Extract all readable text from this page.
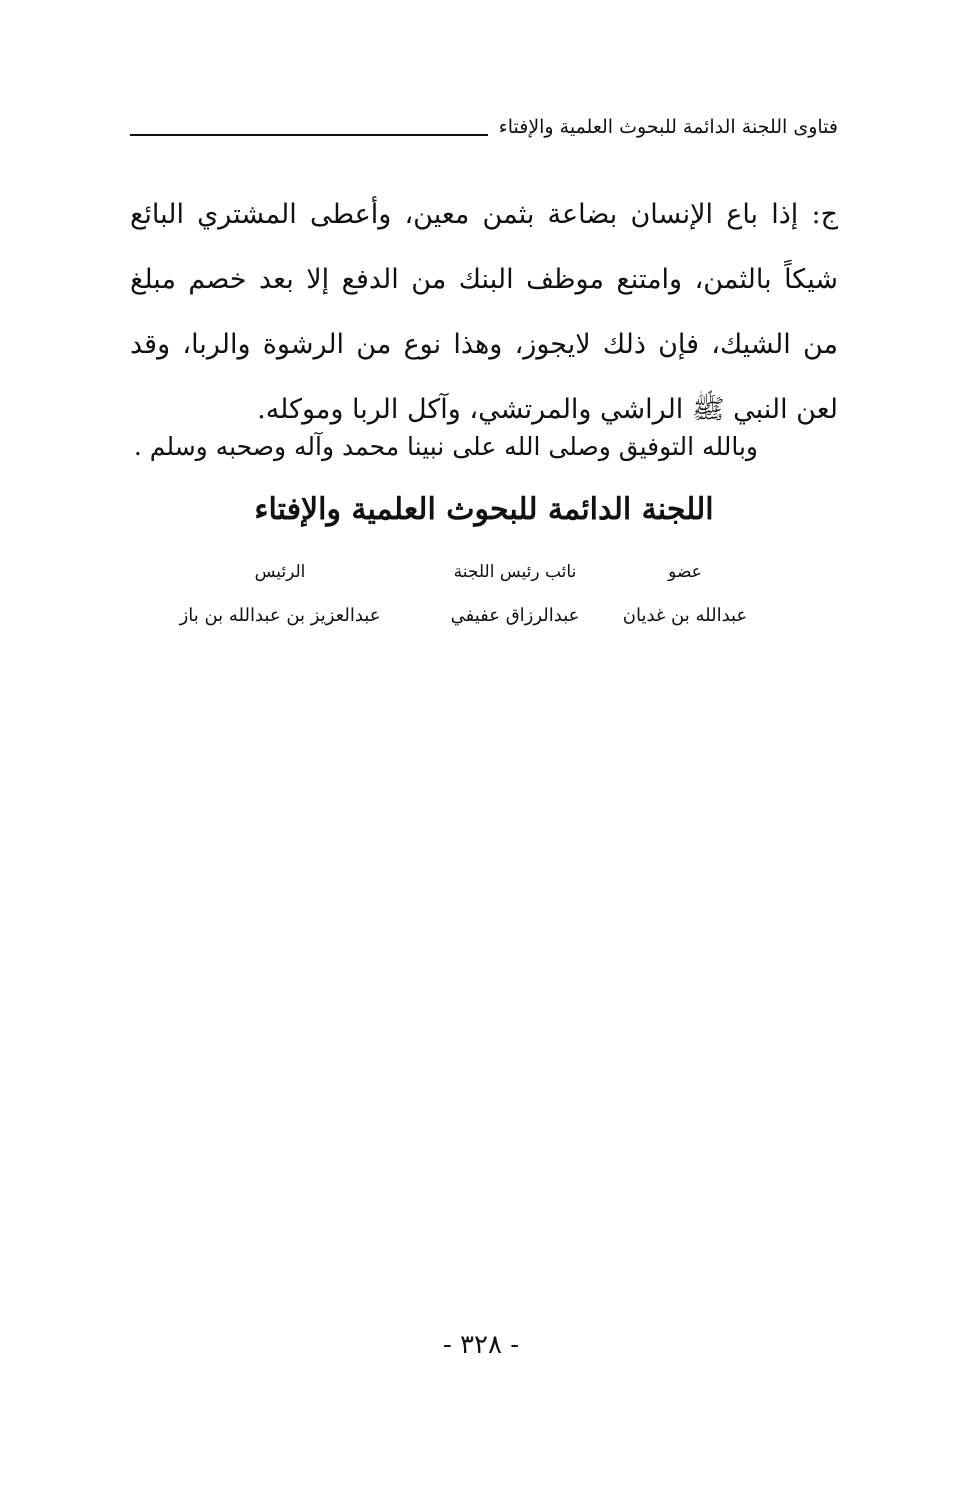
فتاوى اللجنة الدائمة للبحوث العلمية والإفتاء

ج: إذا باع الإنسان بضاعة بثمن معين، وأعطى المشتري البائع شيكاً بالثمن، وامتنع موظف البنك من الدفع إلا بعد خصم مبلغ من الشيك، فإن ذلك لايجوز، وهذا نوع من الرشوة والربا، وقد لعن النبي ﷺ الراشي والمرتشي، وآكل الربا وموكله.

وبالله التوفيق وصلى الله على نبينا محمد وآله وصحبه وسلم .
اللجنة الدائمة للبحوث العلمية والإفتاء
عضو
عبدالله بن غديان
نائب رئيس اللجنة
عبدالرزاق عفيفي
الرئيس
عبدالعزيز بن عبدالله بن باز
- ٣٢٨ -
